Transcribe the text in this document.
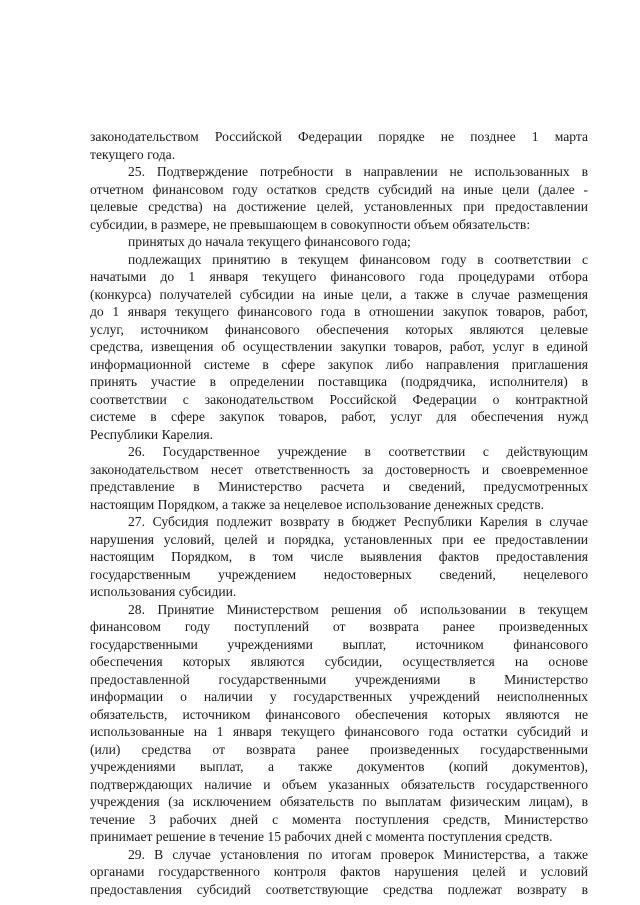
законодательством Российской Федерации порядке не позднее 1 марта
текущего года.
25. Подтверждение потребности в направлении не использованных в
отчетном финансовом году остатков средств субсидий на иные цели (далее -
целевые средства) на достижение целей, установленных при предоставлении
субсидии, в размере, не превышающем в совокупности объем обязательств:
принятых до начала текущего финансового года;
подлежащих принятию в текущем финансовом году в соответствии с
начатыми до 1 января текущего финансового года процедурами отбора
(конкурса) получателей субсидии на иные цели, а также в случае размещения
до 1 января текущего финансового года в отношении закупок товаров, работ,
услуг, источником финансового обеспечения которых являются целевые
средства, извещения об осуществлении закупки товаров, работ, услуг в единой
информационной системе в сфере закупок либо направления приглашения
принять участие в определении поставщика (подрядчика, исполнителя) в
соответствии с законодательством Российской Федерации о контрактной
системе в сфере закупок товаров, работ, услуг для обеспечения нужд
Республики Карелия.
26. Государственное учреждение в соответствии с действующим
законодательством несет ответственность за достоверность и своевременное
представление в Министерство расчета и сведений, предусмотренных
настоящим Порядком, а также за нецелевое использование денежных средств.
27. Субсидия подлежит возврату в бюджет Республики Карелия в случае
нарушения условий, целей и порядка, установленных при ее предоставлении
настоящим Порядком, в том числе выявления фактов предоставления
государственным учреждением недостоверных сведений, нецелевого
использования субсидии.
28. Принятие Министерством решения об использовании в текущем
финансовом году поступлений от возврата ранее произведенных
государственными учреждениями выплат, источником финансового
обеспечения которых являются субсидии, осуществляется на основе
предоставленной государственными учреждениями в Министерство
информации о наличии у государственных учреждений неисполненных
обязательств, источником финансового обеспечения которых являются не
использованные на 1 января текущего финансового года остатки субсидий и
(или) средства от возврата ранее произведенных государственными
учреждениями выплат, а также документов (копий документов),
подтверждающих наличие и объем указанных обязательств государственного
учреждения (за исключением обязательств по выплатам физическим лицам), в
течение 3 рабочих дней с момента поступления средств, Министерство
принимает решение в течение 15 рабочих дней с момента поступления средств.
29. В случае установления по итогам проверок Министерства, а также
органами государственного контроля фактов нарушения целей и условий
предоставления субсидий соответствующие средства подлежат возврату в
